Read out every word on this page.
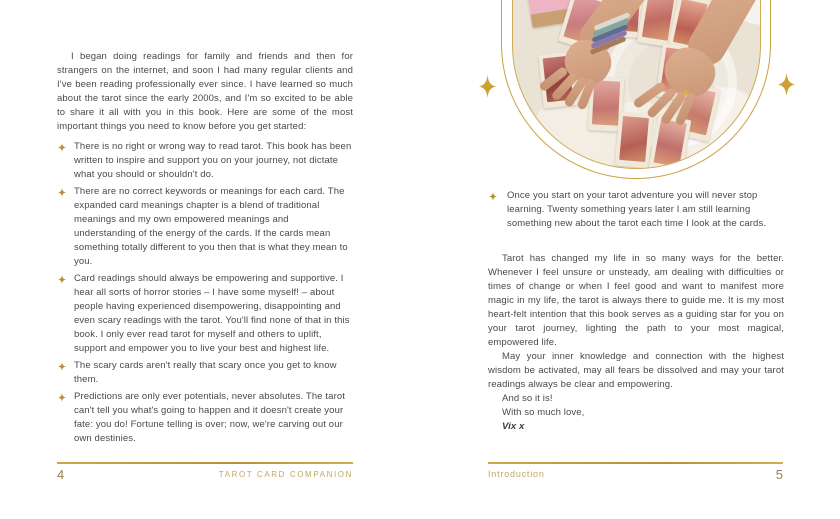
I began doing readings for family and friends and then for strangers on the internet, and soon I had many regular clients and I've been reading professionally ever since. I have learned so much about the tarot since the early 2000s, and I'm so excited to be able to share it all with you in this book. Here are some of the most important things you need to know before you get started:

There is no right or wrong way to read tarot. This book has been written to inspire and support you on your journey, not dictate what you should or shouldn't do.
There are no correct keywords or meanings for each card. The expanded card meanings chapter is a blend of traditional meanings and my own empowered meanings and understanding of the energy of the cards. If the cards mean something totally different to you then that is what they mean to you.
Card readings should always be empowering and supportive. I hear all sorts of horror stories – I have some myself! – about people having experienced disempowering, disappointing and even scary readings with the tarot. You'll find none of that in this book. I only ever read tarot for myself and others to uplift, support and empower you to live your best and highest life.
The scary cards aren't really that scary once you get to know them.
Predictions are only ever potentials, never absolutes. The tarot can't tell you what's going to happen and it doesn't create your fate: you do! Fortune telling is over; now, we're carving out our own destinies.
4	TAROT CARD COMPANION
Once you start on your tarot adventure you will never stop learning. Twenty something years later I am still learning something new about the tarot each time I look at the cards.

Tarot has changed my life in so many ways for the better. Whenever I feel unsure or unsteady, am dealing with difficulties or times of change or when I feel good and want to manifest more magic in my life, the tarot is always there to guide me. It is my most heart-felt intention that this book serves as a guiding star for you on your tarot journey, lighting the path to your most magical, empowered life.

May your inner knowledge and connection with the highest wisdom be activated, may all fears be dissolved and may your tarot readings always be clear and empowering.

And so it is!

With so much love,

Vix x

Introduction	5
